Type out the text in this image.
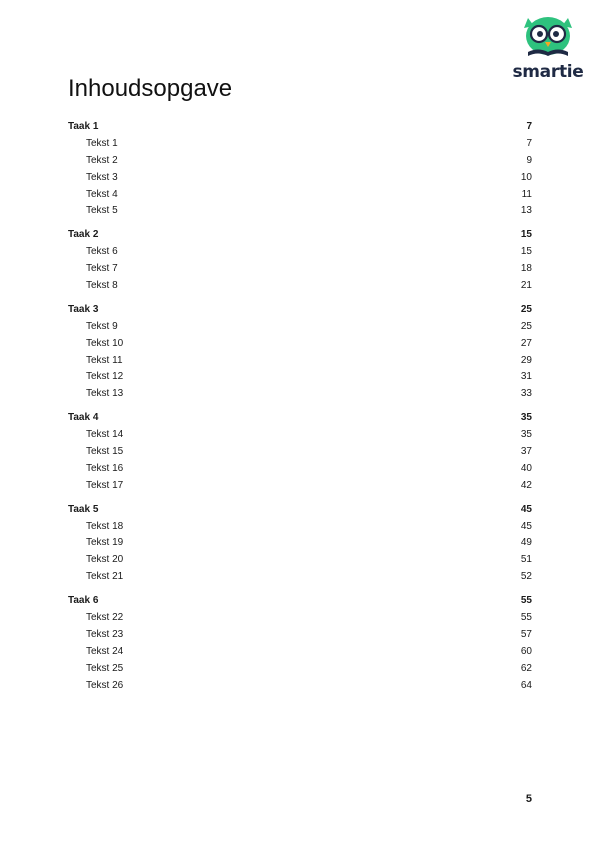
smartie
Inhoudsopgave
Taak 1	7
Tekst 1	7
Tekst 2	9
Tekst 3	10
Tekst 4	11
Tekst 5	13
Taak 2	15
Tekst 6	15
Tekst 7	18
Tekst 8	21
Taak 3	25
Tekst 9	25
Tekst 10	27
Tekst 11	29
Tekst 12	31
Tekst 13	33
Taak 4	35
Tekst 14	35
Tekst 15	37
Tekst 16	40
Tekst 17	42
Taak 5	45
Tekst 18	45
Tekst 19	49
Tekst 20	51
Tekst 21	52
Taak 6	55
Tekst 22	55
Tekst 23	57
Tekst 24	60
Tekst 25	62
Tekst 26	64
5
